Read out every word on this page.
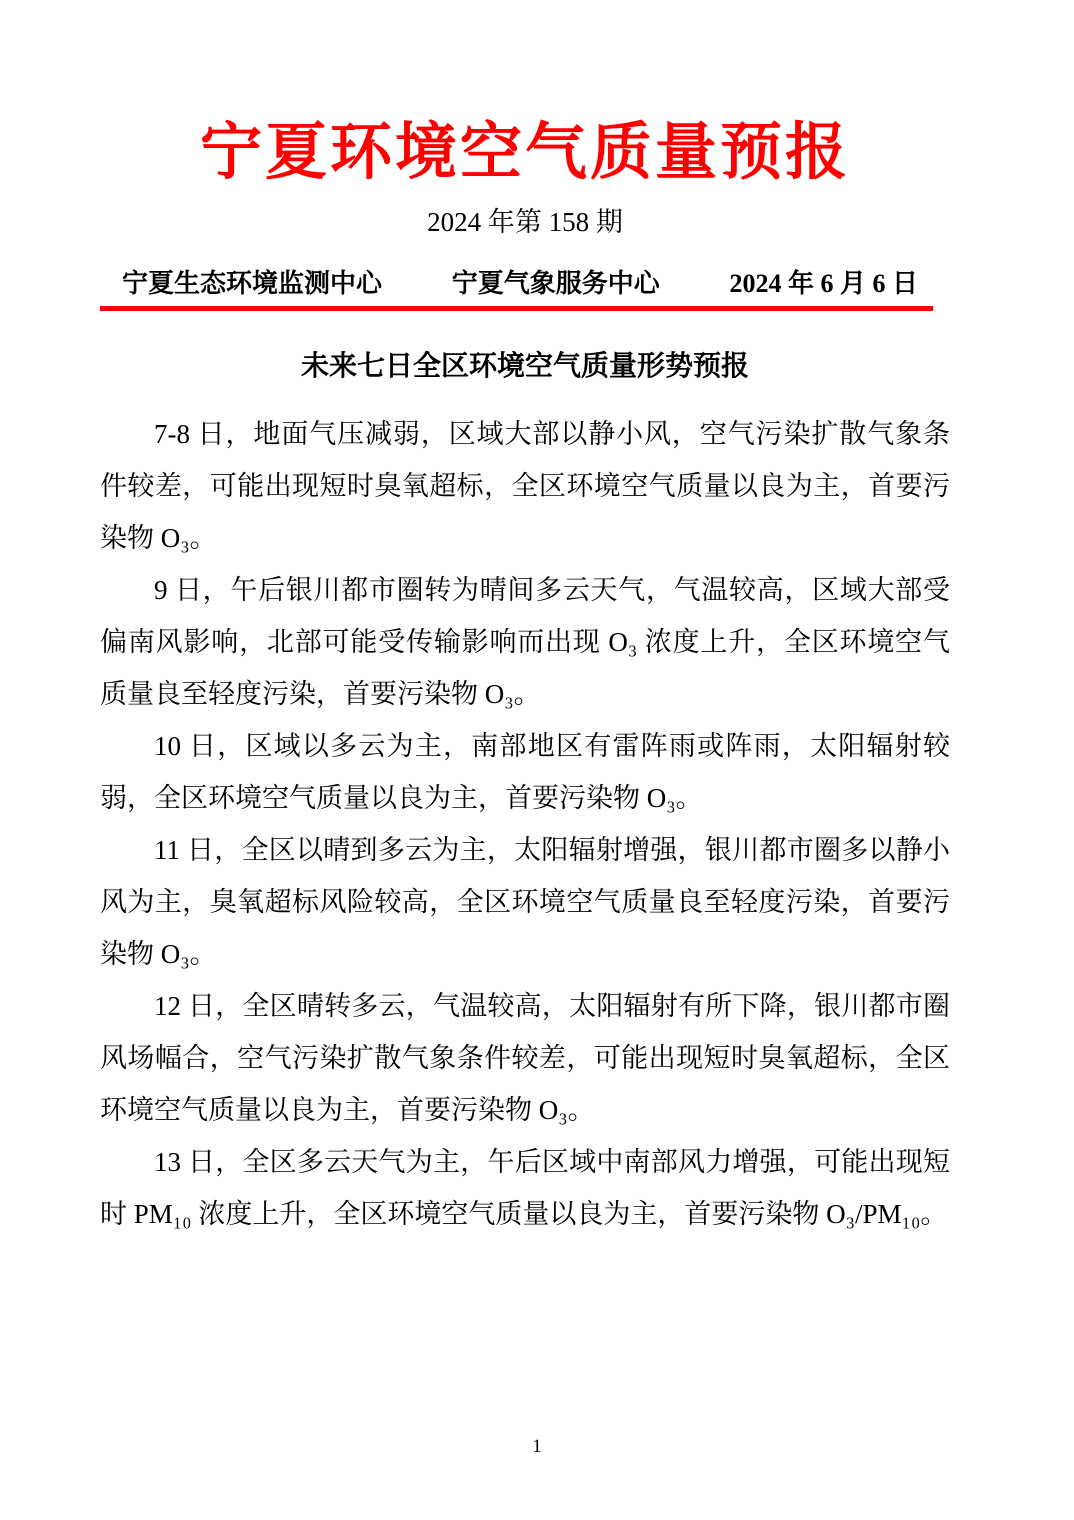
宁夏环境空气质量预报
2024 年第 158 期
宁夏生态环境监测中心	宁夏气象服务中心	2024 年 6 月 6 日
未来七日全区环境空气质量形势预报

7-8 日，地面气压减弱，区域大部以静小风，空气污染扩散气象条件较差，可能出现短时臭氧超标，全区环境空气质量以良为主，首要污染物 O₃。

9 日，午后银川都市圈转为晴间多云天气，气温较高，区域大部受偏南风影响，北部可能受传输影响而出现 O₃ 浓度上升，全区环境空气质量良至轻度污染，首要污染物 O₃。

10 日，区域以多云为主，南部地区有雷阵雨或阵雨，太阳辐射较弱，全区环境空气质量以良为主，首要污染物 O₃。

11 日，全区以晴到多云为主，太阳辐射增强，银川都市圈多以静小风为主，臭氧超标风险较高，全区环境空气质量良至轻度污染，首要污染物 O₃。

12 日，全区晴转多云，气温较高，太阳辐射有所下降，银川都市圈风场幅合，空气污染扩散气象条件较差，可能出现短时臭氧超标，全区环境空气质量以良为主，首要污染物 O₃。

13 日，全区多云天气为主，午后区域中南部风力增强，可能出现短时 PM₁₀ 浓度上升，全区环境空气质量以良为主，首要污染物 O₃/PM₁₀。

1
